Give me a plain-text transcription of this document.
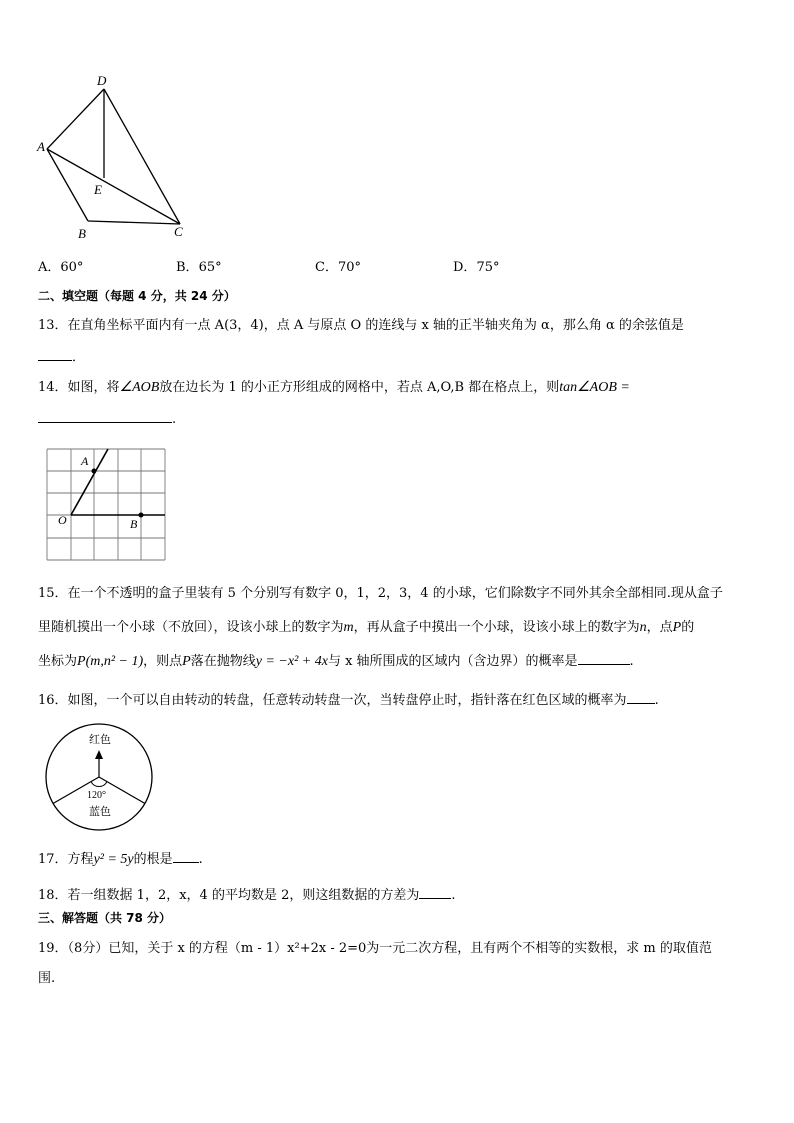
D
A
E
B	C
A．60°	B．65°	C．70°	D．75°
二、填空题（每题 4 分，共 24 分）
13．在直角坐标平面内有一点 A(3，4)，点 A 与原点 O 的连线与 x 轴的正半轴夹角为 α，那么角 α 的余弦值是
．
14．如图，将∠AOB放在边长为 1 的小正方形组成的网格中，若点 A,O,B 都在格点上，则tan∠AOB =
.
A
O	B
15．在一个不透明的盒子里装有 5 个分别写有数字 0，1，2，3，4 的小球，它们除数字不同外其余全部相同.现从盒子
里随机摸出一个小球（不放回），设该小球上的数字为m，再从盒子中摸出一个小球，设该小球上的数字为n，点P的
坐标为P(m,n² − 1)，则点P落在抛物线y = −x² + 4x与 x 轴所围成的区域内（含边界）的概率是	.
16．如图，一个可以自由转动的转盘，任意转动转盘一次，当转盘停止时，指针落在红色区域的概率为 .
红色
120°
蓝色
17．方程y² = 5y的根是 .
18．若一组数据 1，2，x，4 的平均数是 2，则这组数据的方差为 .
三、解答题（共 78 分）
19．（8分）已知，关于 x 的方程（m - 1）x²+2x - 2=0为一元二次方程，且有两个不相等的实数根，求 m 的取值范
围.
